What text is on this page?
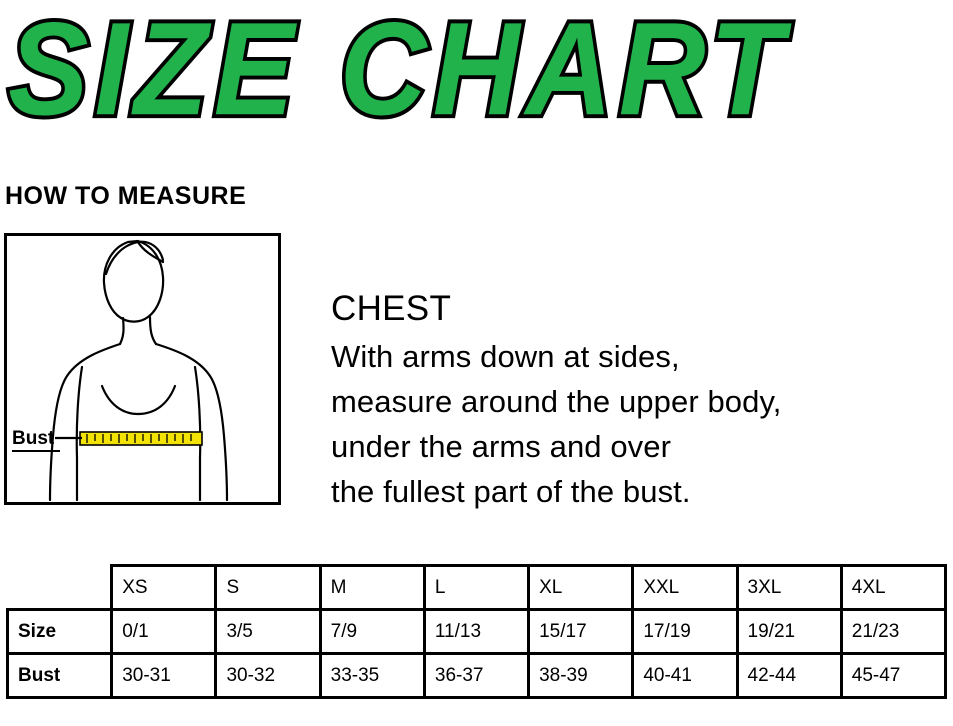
SIZE CHART
HOW TO MEASURE
Bust
CHEST
With arms down at sides,
measure around the upper body,
under the arms and over
the fullest part of the bust.
	XS	S	M	L	XL	XXL	3XL	4XL
Size	0/1	3/5	7/9	11/13	15/17	17/19	19/21	21/23
Bust	30-31	30-32	33-35	36-37	38-39	40-41	42-44	45-47
